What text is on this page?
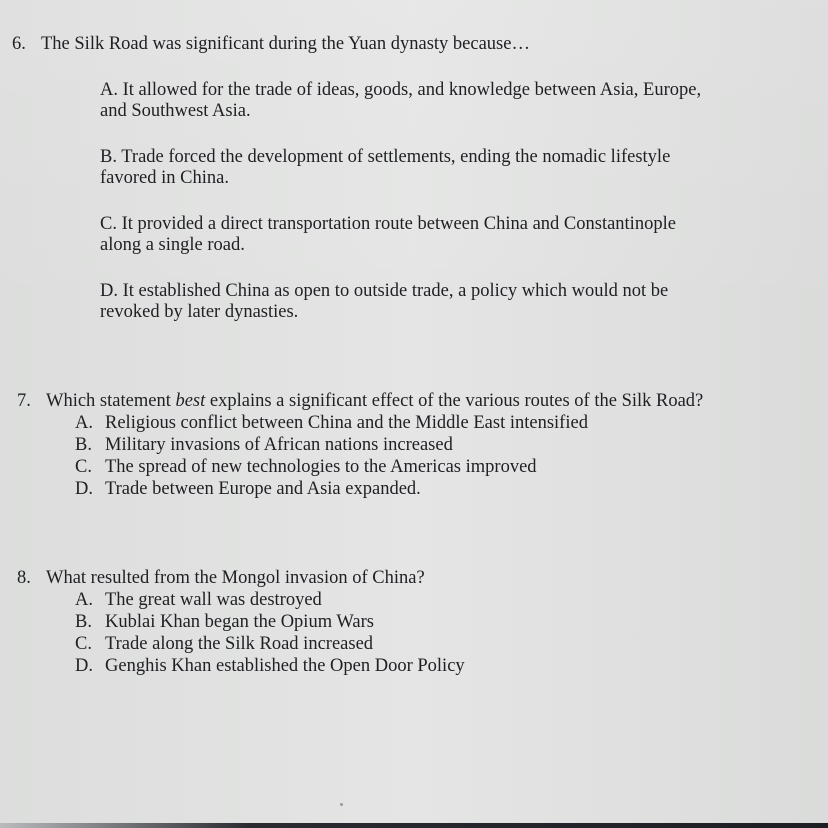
6. The Silk Road was significant during the Yuan dynasty because…
A. It allowed for the trade of ideas, goods, and knowledge between Asia, Europe,
and Southwest Asia.
B. Trade forced the development of settlements, ending the nomadic lifestyle
favored in China.
C. It provided a direct transportation route between China and Constantinople
along a single road.
D. It established China as open to outside trade, a policy which would not be
revoked by later dynasties.
7. Which statement best explains a significant effect of the various routes of the Silk Road?
A. Religious conflict between China and the Middle East intensified
B. Military invasions of African nations increased
C. The spread of new technologies to the Americas improved
D. Trade between Europe and Asia expanded.
8. What resulted from the Mongol invasion of China?
A. The great wall was destroyed
B. Kublai Khan began the Opium Wars
C. Trade along the Silk Road increased
D. Genghis Khan established the Open Door Policy
